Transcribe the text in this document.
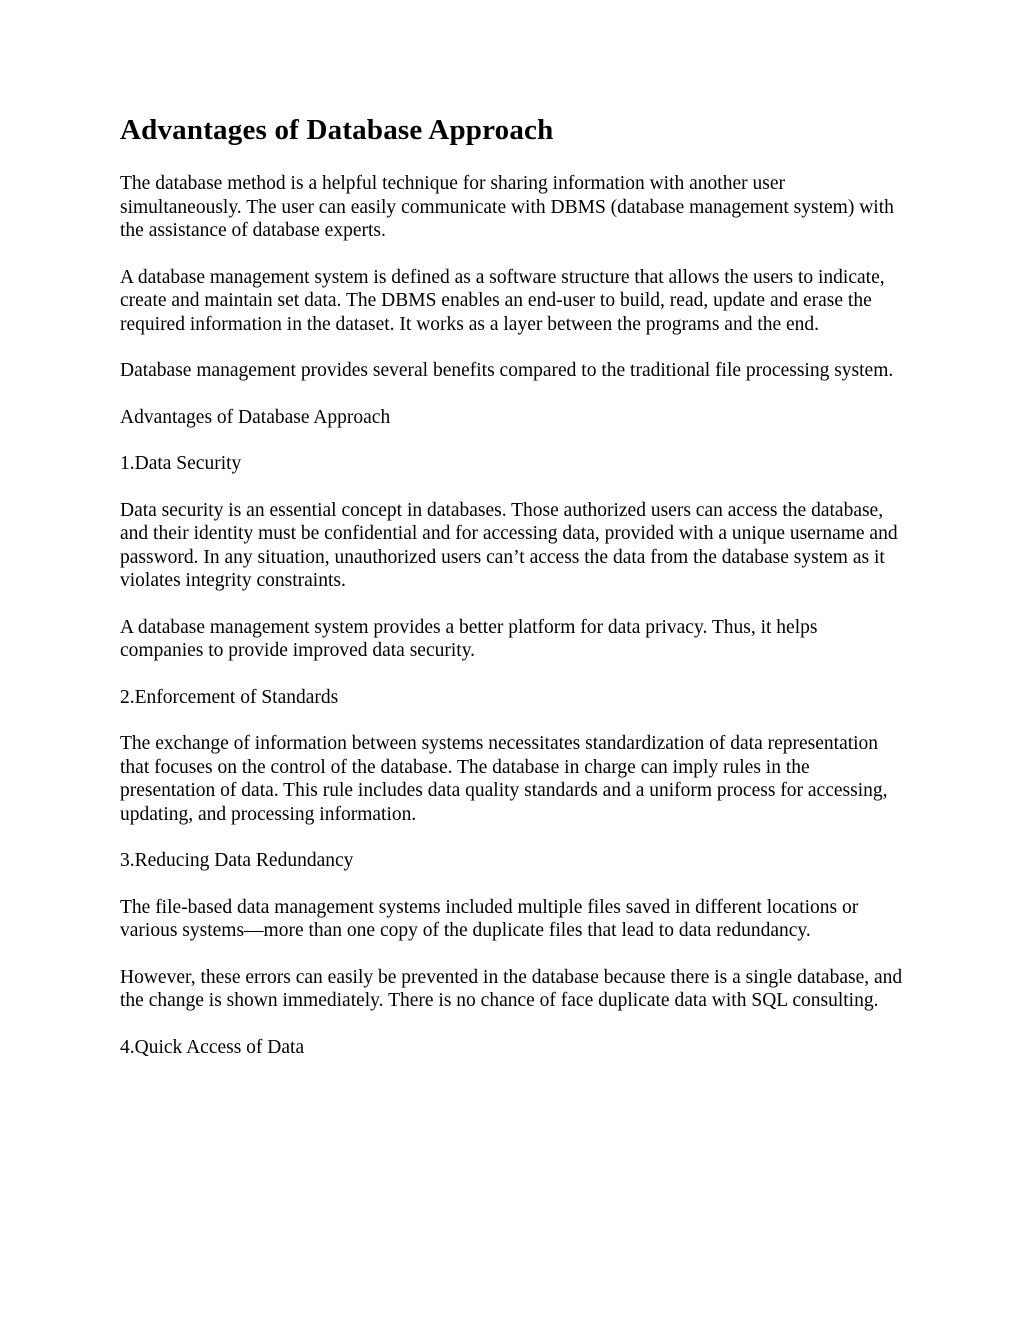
Advantages of Database Approach

The database method is a helpful technique for sharing information with another user simultaneously. The user can easily communicate with DBMS (database management system) with the assistance of database experts.

A database management system is defined as a software structure that allows the users to indicate, create and maintain set data. The DBMS enables an end-user to build, read, update and erase the required information in the dataset. It works as a layer between the programs and the end.

Database management provides several benefits compared to the traditional file processing system.

Advantages of Database Approach

1.Data Security

Data security is an essential concept in databases. Those authorized users can access the database, and their identity must be confidential and for accessing data, provided with a unique username and password. In any situation, unauthorized users can’t access the data from the database system as it violates integrity constraints.

A database management system provides a better platform for data privacy. Thus, it helps companies to provide improved data security.

2.Enforcement of Standards

The exchange of information between systems necessitates standardization of data representation that focuses on the control of the database. The database in charge can imply rules in the presentation of data. This rule includes data quality standards and a uniform process for accessing, updating, and processing information.

3.Reducing Data Redundancy

The file-based data management systems included multiple files saved in different locations or various systems—more than one copy of the duplicate files that lead to data redundancy.

However, these errors can easily be prevented in the database because there is a single database, and the change is shown immediately. There is no chance of face duplicate data with SQL consulting.

4.Quick Access of Data
